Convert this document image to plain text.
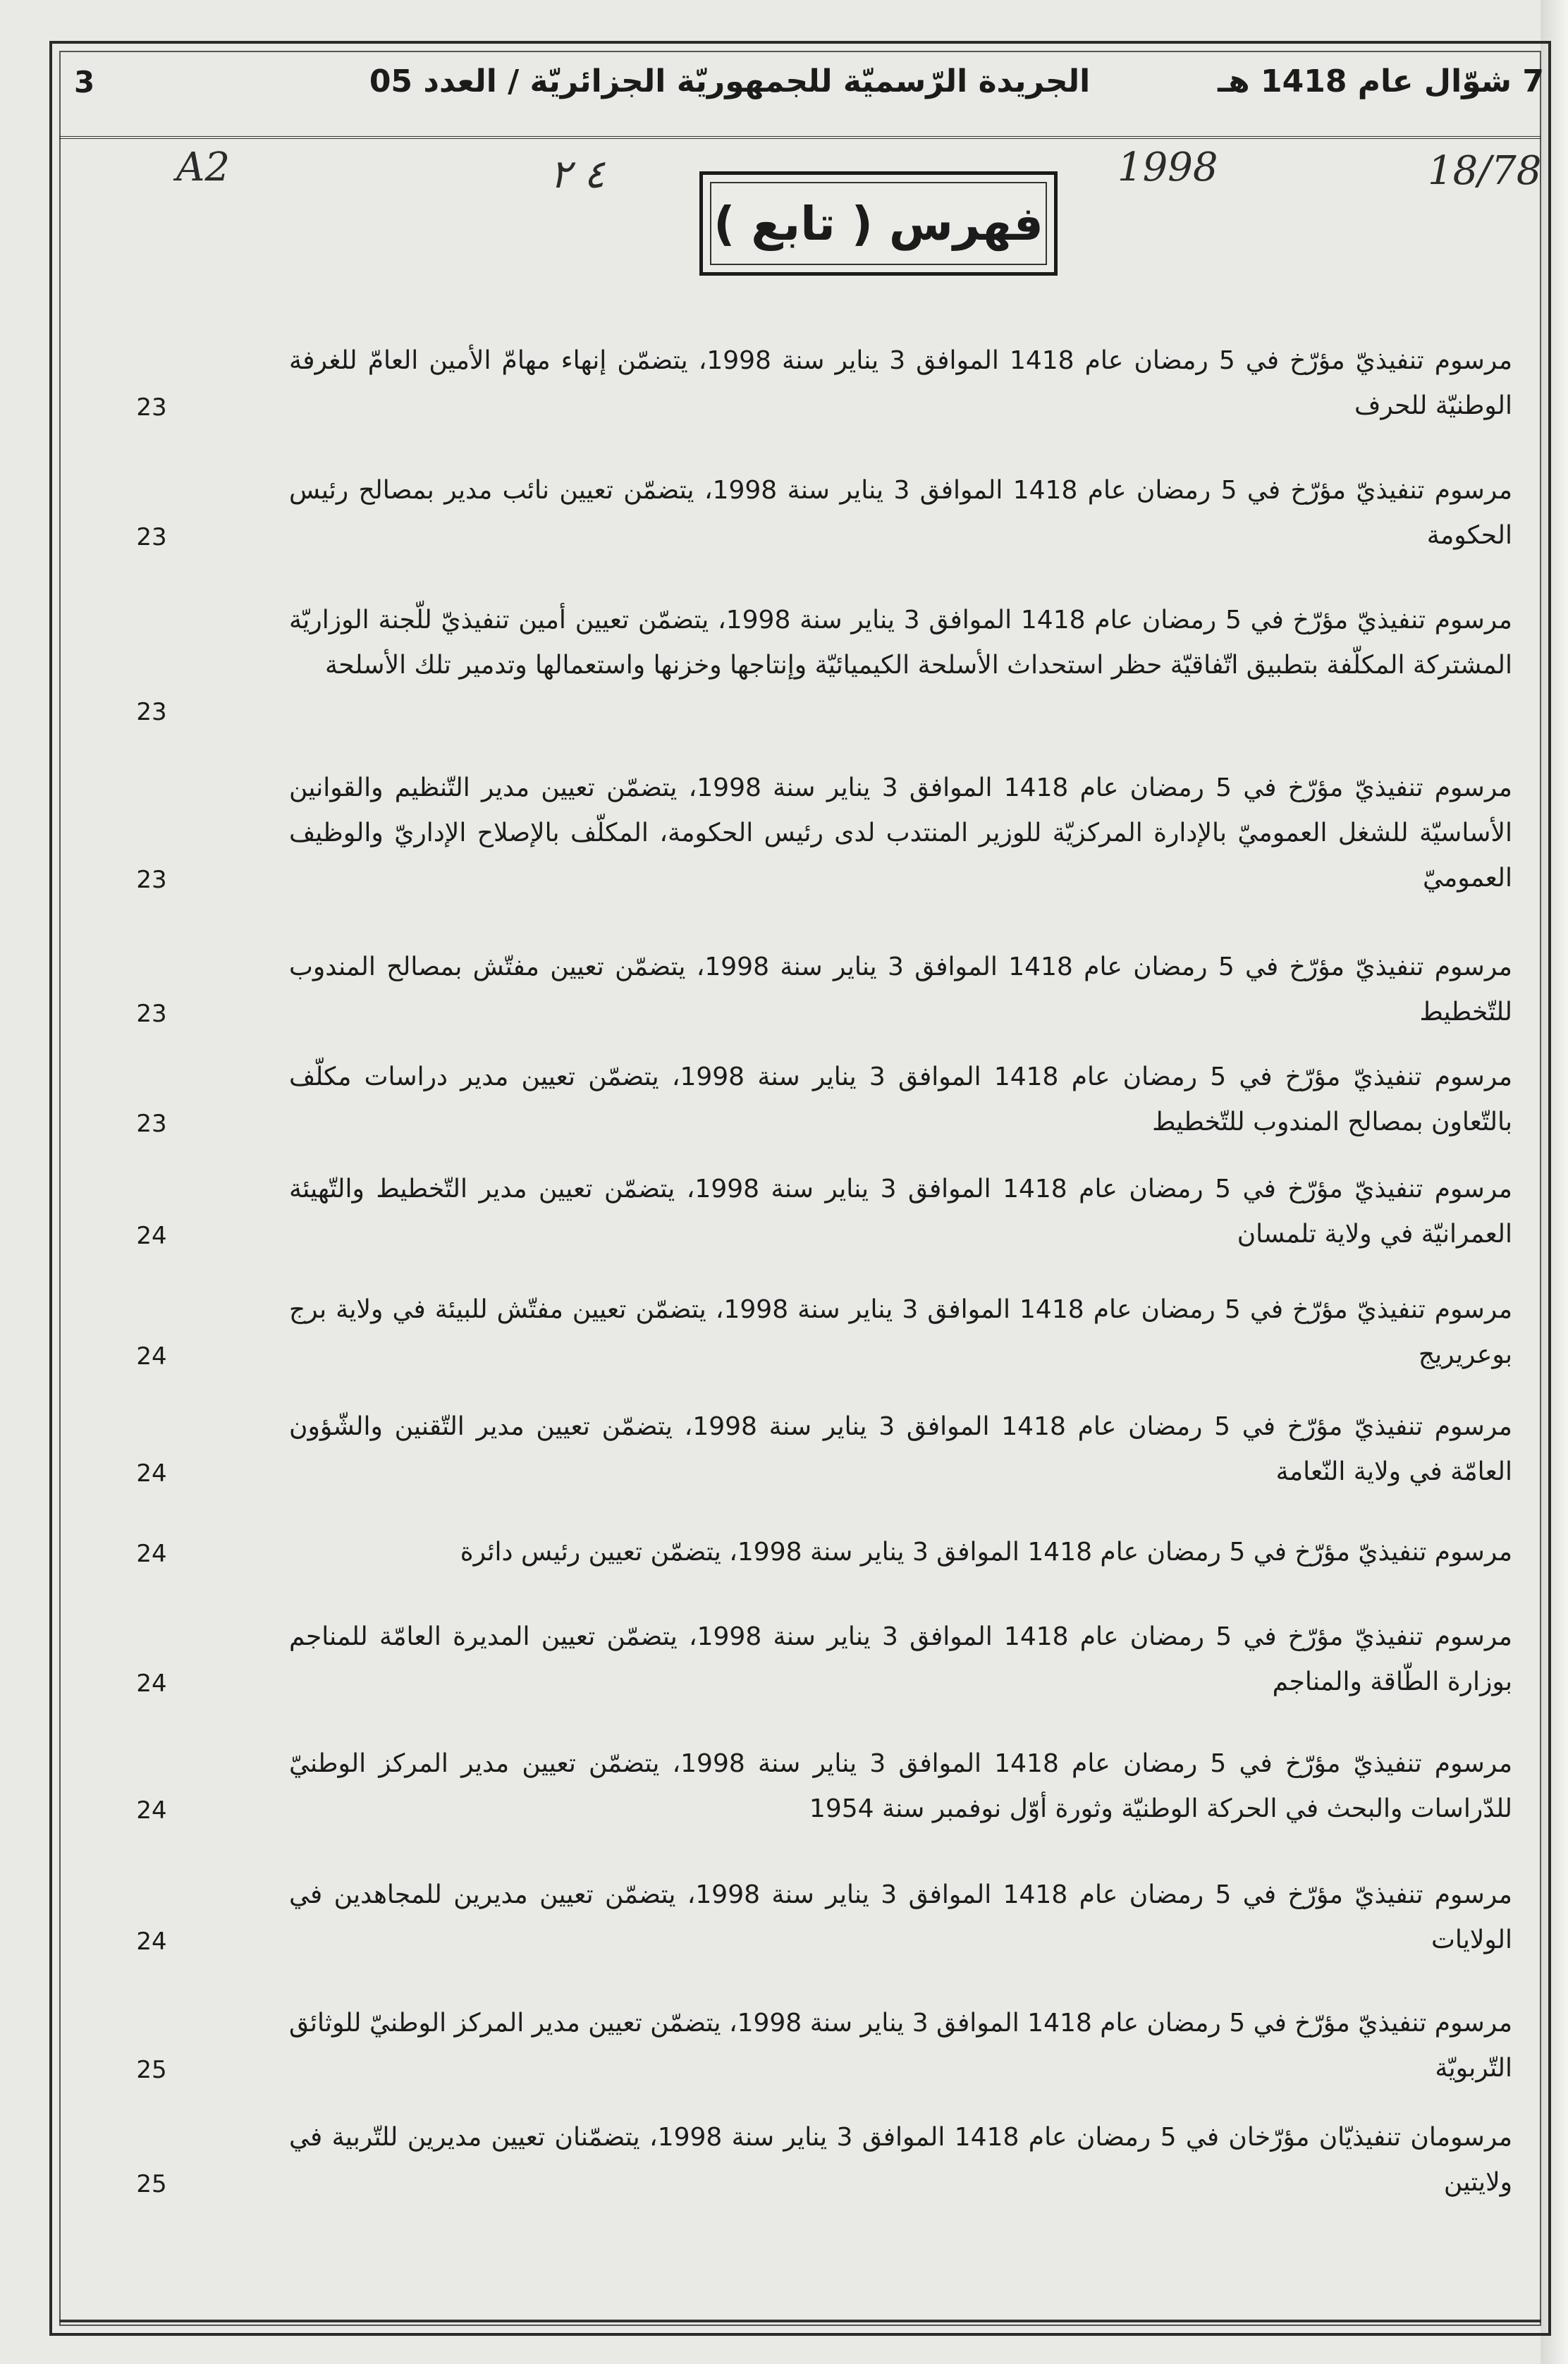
3	الجريدة الرّسميّة للجمهوريّة الجزائريّة / العدد 05	7 شوّال عام 1418 هـ
A2	٤ ٢	1998	18/78
فهرس ( تابع )
مرسوم تنفيذيّ مؤرّخ في 5 رمضان عام 1418 الموافق 3 يناير سنة 1998، يتضمّن إنهاء مهامّ الأمين العامّ للغرفة الوطنيّة للحرف
23
مرسوم تنفيذيّ مؤرّخ في 5 رمضان عام 1418 الموافق 3 يناير سنة 1998، يتضمّن تعيين نائب مدير بمصالح رئيس الحكومة
23
مرسوم تنفيذيّ مؤرّخ في 5 رمضان عام 1418 الموافق 3 يناير سنة 1998، يتضمّن تعيين أمين تنفيذيّ للّجنة الوزاريّة المشتركة المكلّفة بتطبيق اتّفاقيّة حظر استحداث الأسلحة الكيميائيّة وإنتاجها وخزنها واستعمالها وتدمير تلك الأسلحة
23
مرسوم تنفيذيّ مؤرّخ في 5 رمضان عام 1418 الموافق 3 يناير سنة 1998، يتضمّن تعيين مدير التّنظيم والقوانين الأساسيّة للشغل العموميّ بالإدارة المركزيّة للوزير المنتدب لدى رئيس الحكومة، المكلّف بالإصلاح الإداريّ والوظيف العموميّ
23
مرسوم تنفيذيّ مؤرّخ في 5 رمضان عام 1418 الموافق 3 يناير سنة 1998، يتضمّن تعيين مفتّش بمصالح المندوب للتّخطيط
23
مرسوم تنفيذيّ مؤرّخ في 5 رمضان عام 1418 الموافق 3 يناير سنة 1998، يتضمّن تعيين مدير دراسات مكلّف بالتّعاون بمصالح المندوب للتّخطيط
23
مرسوم تنفيذيّ مؤرّخ في 5 رمضان عام 1418 الموافق 3 يناير سنة 1998، يتضمّن تعيين مدير التّخطيط والتّهيئة العمرانيّة في ولاية تلمسان
24
مرسوم تنفيذيّ مؤرّخ في 5 رمضان عام 1418 الموافق 3 يناير سنة 1998، يتضمّن تعيين مفتّش للبيئة في ولاية برج بوعريريج
24
مرسوم تنفيذيّ مؤرّخ في 5 رمضان عام 1418 الموافق 3 يناير سنة 1998، يتضمّن تعيين مدير التّقنين والشّؤون العامّة في ولاية النّعامة
24
مرسوم تنفيذيّ مؤرّخ في 5 رمضان عام 1418 الموافق 3 يناير سنة 1998، يتضمّن تعيين رئيس دائرة
24
مرسوم تنفيذيّ مؤرّخ في 5 رمضان عام 1418 الموافق 3 يناير سنة 1998، يتضمّن تعيين المديرة العامّة للمناجم بوزارة الطّاقة والمناجم
24
مرسوم تنفيذيّ مؤرّخ في 5 رمضان عام 1418 الموافق 3 يناير سنة 1998، يتضمّن تعيين مدير المركز الوطنيّ للدّراسات والبحث في الحركة الوطنيّة وثورة أوّل نوفمبر سنة 1954
24
مرسوم تنفيذيّ مؤرّخ في 5 رمضان عام 1418 الموافق 3 يناير سنة 1998، يتضمّن تعيين مديرين للمجاهدين في الولايات
24
مرسوم تنفيذيّ مؤرّخ في 5 رمضان عام 1418 الموافق 3 يناير سنة 1998، يتضمّن تعيين مدير المركز الوطنيّ للوثائق التّربويّة
25
مرسومان تنفيذيّان مؤرّخان في 5 رمضان عام 1418 الموافق 3 يناير سنة 1998، يتضمّنان تعيين مديرين للتّربية في ولايتين
25
